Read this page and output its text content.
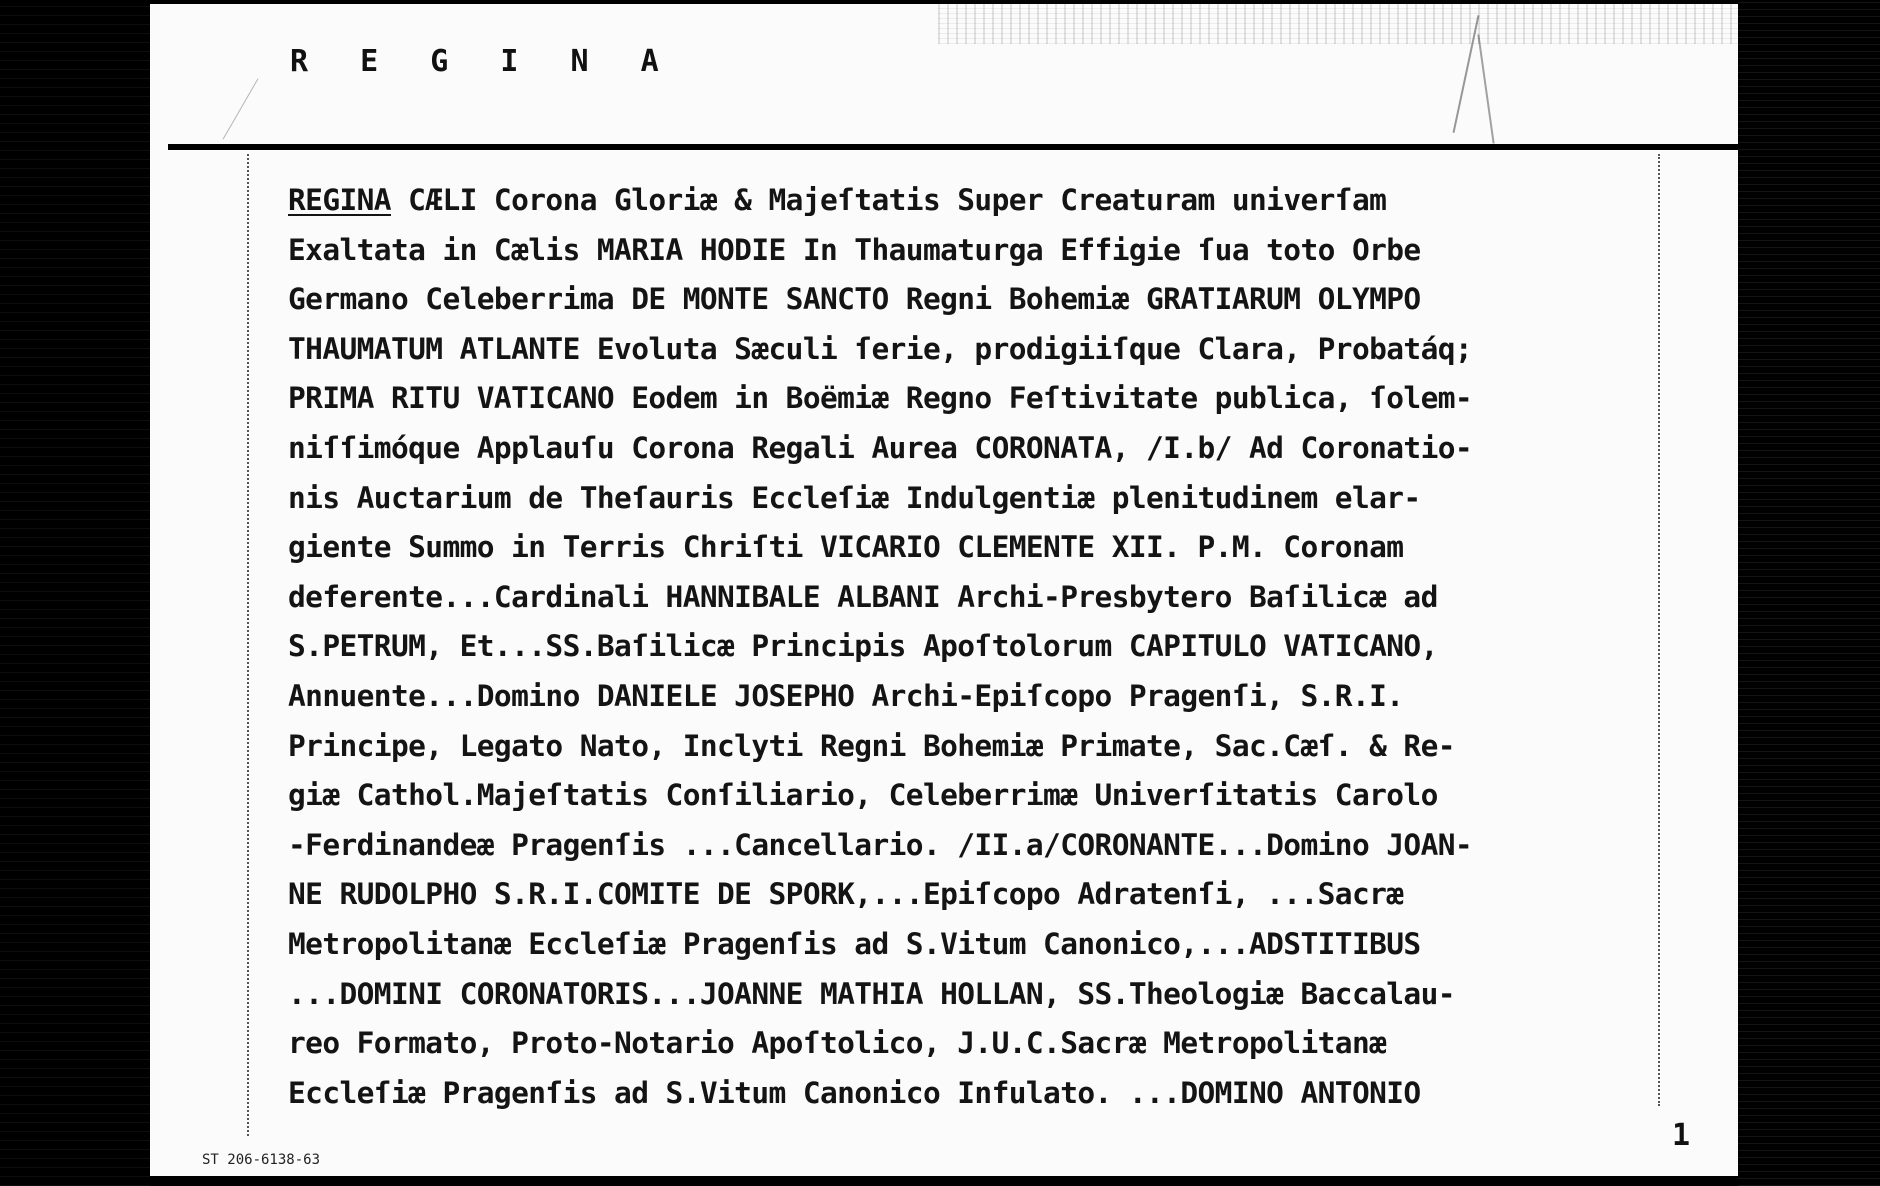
R E G I N A
REGINA CÆLI Corona Gloriæ & Majeſtatis Super Creaturam univerſam
Exaltata in Cælis MARIA HODIE In Thaumaturga Effigie ſua toto Orbe
Germano Celeberrima DE MONTE SANCTO Regni Bohemiæ GRATIARUM OLYMPO
THAUMATUM ATLANTE Evoluta Sæculi ſerie, prodigiiſque Clara, Probatáq;
PRIMA RITU VATICANO Eodem in Boëmiæ Regno Feſtivitate publica, ſolem-
niſſimóque Applauſu Corona Regali Aurea CORONATA, /I.b/ Ad Coronatio-
nis Auctarium de Theſauris Eccleſiæ Indulgentiæ plenitudinem elar-
giente Summo in Terris Chriſti VICARIO CLEMENTE XII. P.M. Coronam
deferente...Cardinali HANNIBALE ALBANI Archi-Presbytero Baſilicæ ad
S.PETRUM, Et...SS.Baſilicæ Principis Apoſtolorum CAPITULO VATICANO,
Annuente...Domino DANIELE JOSEPHO Archi-Epiſcopo Pragenſi, S.R.I.
Principe, Legato Nato, Inclyti Regni Bohemiæ Primate, Sac.Cæſ. & Re-
giæ Cathol.Majeſtatis Conſiliario, Celeberrimæ Univerſitatis Carolo
-Ferdinandeæ Pragenſis ...Cancellario. /II.a/CORONANTE...Domino JOAN-
NE RUDOLPHO S.R.I.COMITE DE SPORK,...Epiſcopo Adratenſi, ...Sacræ
Metropolitanæ Eccleſiæ Pragenſis ad S.Vitum Canonico,...ADSTITIBUS
...DOMINI CORONATORIS...JOANNE MATHIA HOLLAN, SS.Theologiæ Baccalau-
reo Formato, Proto-Notario Apoſtolico, J.U.C.Sacræ Metropolitanæ
Eccleſiæ Pragenſis ad S.Vitum Canonico Infulato. ...DOMINO ANTONIO
1
ST 206-6138-63
